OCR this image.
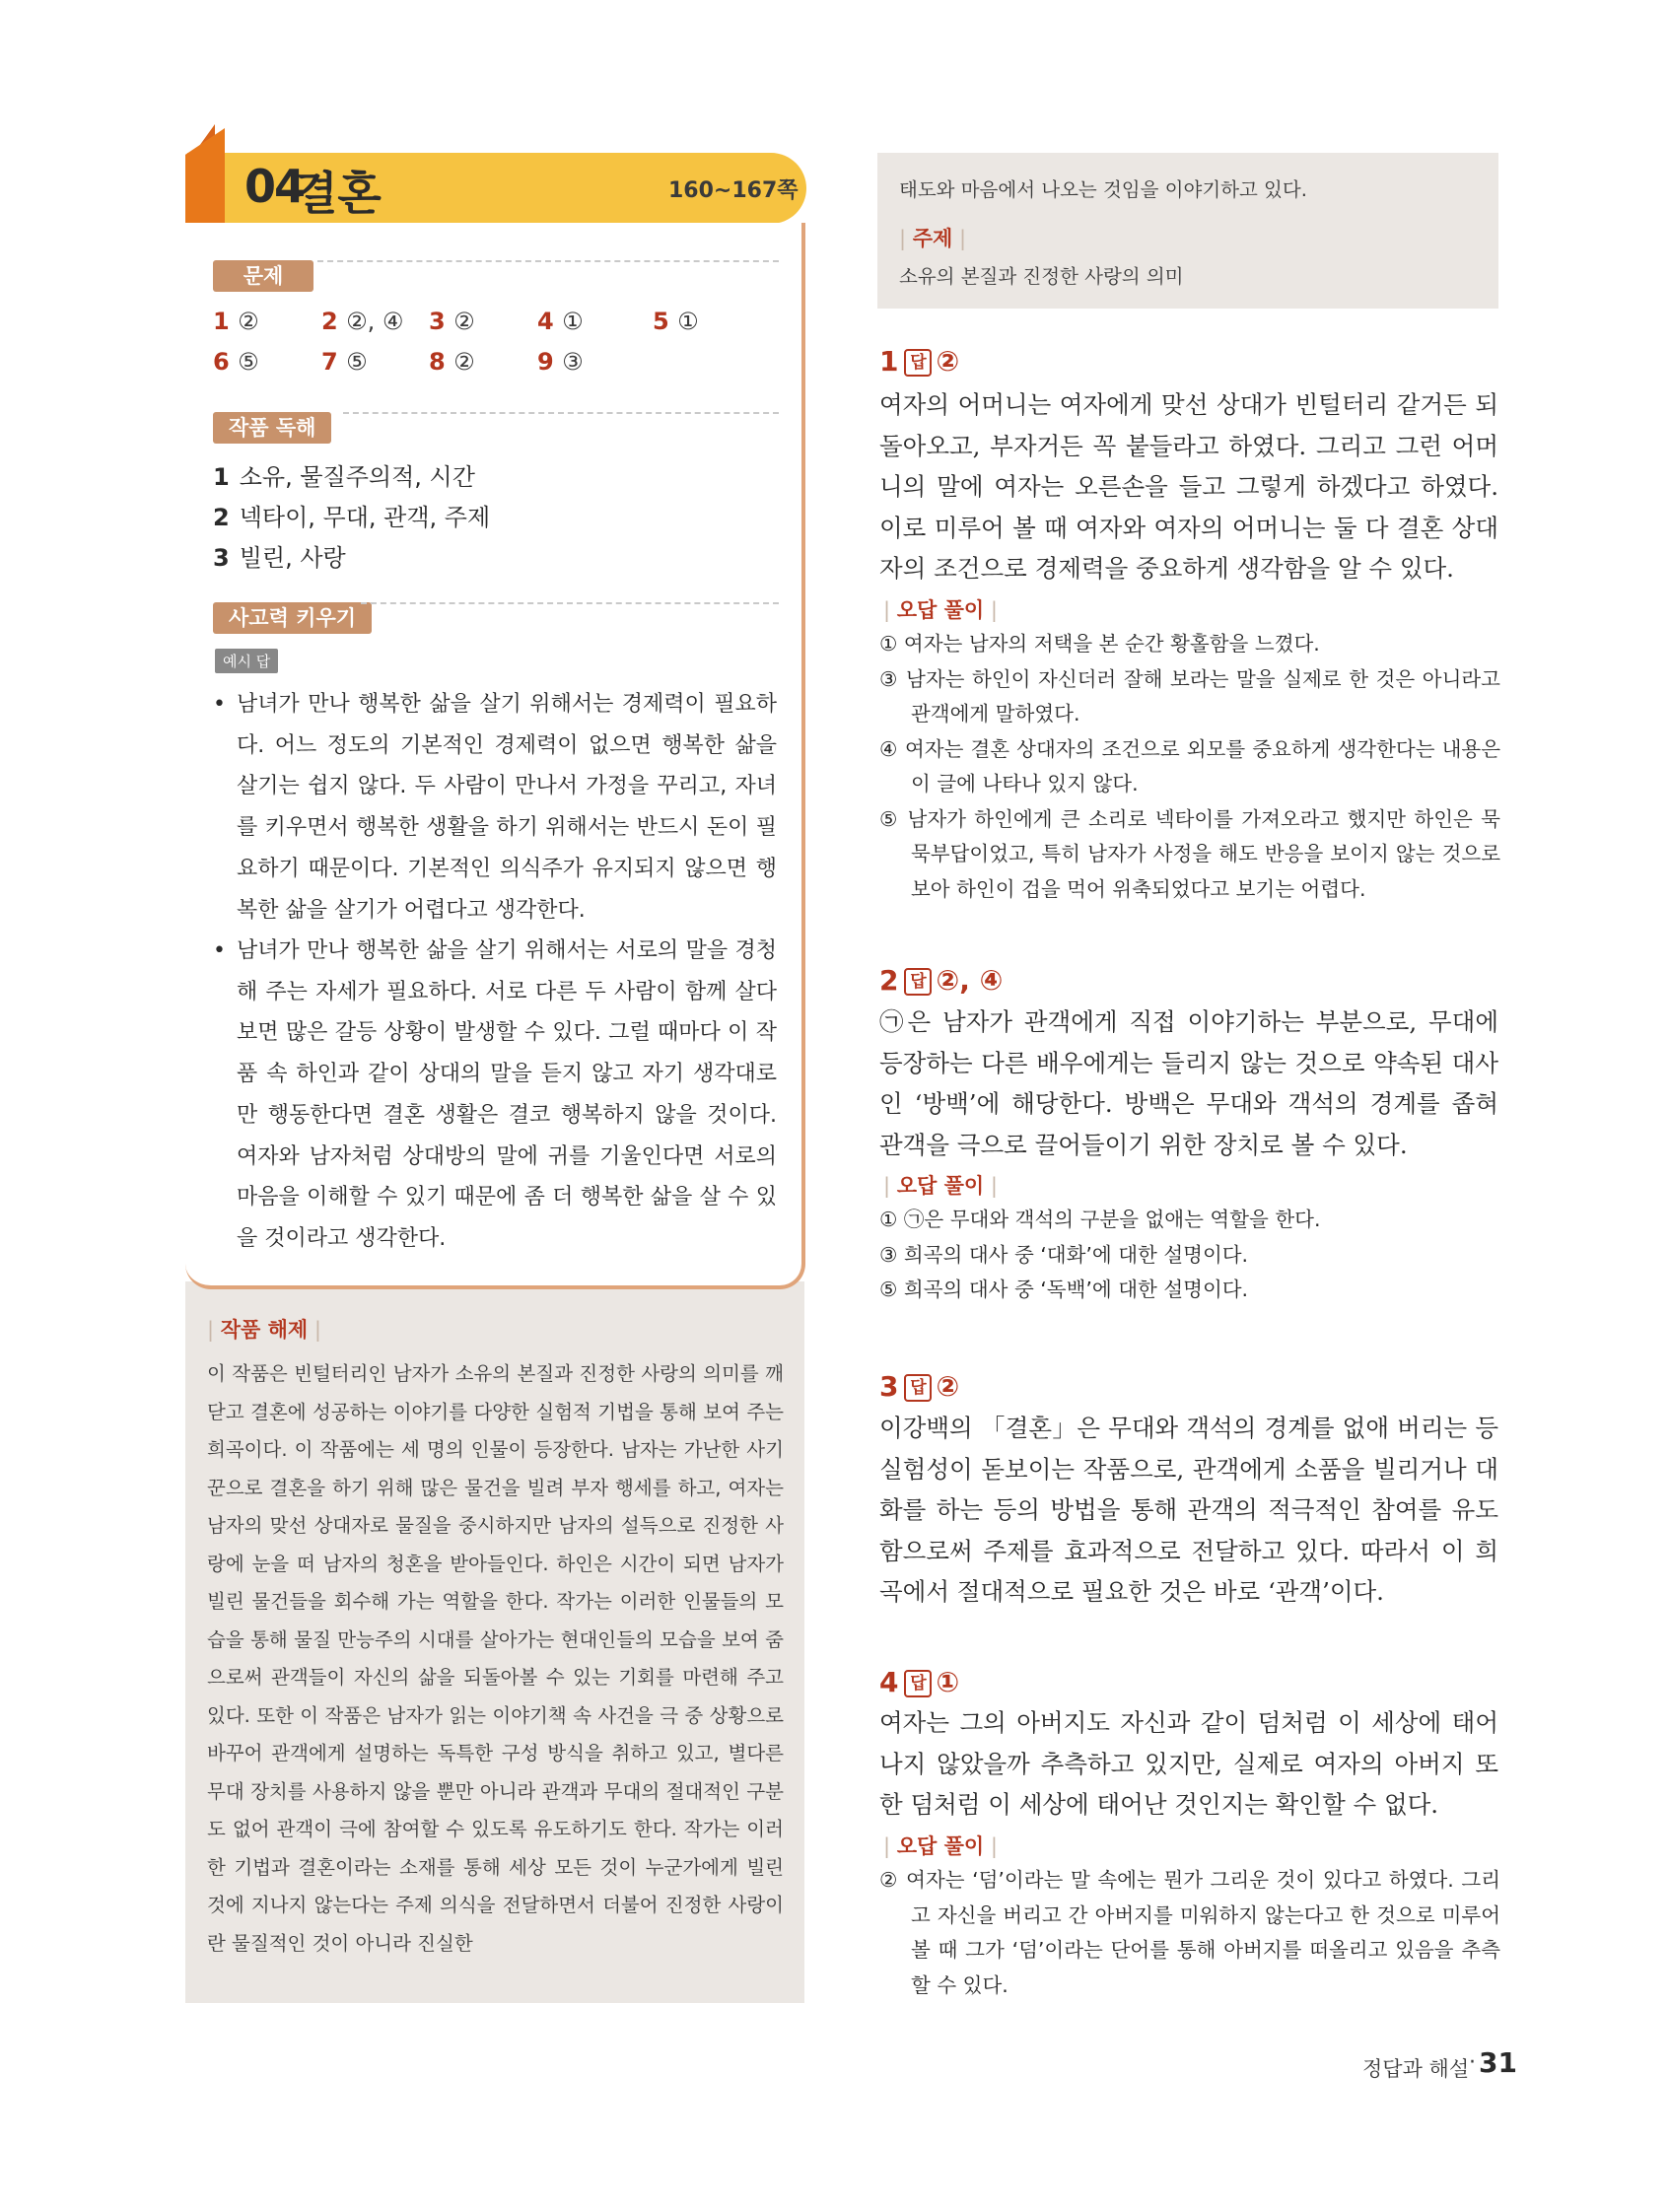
04
결혼	160~167쪽
문제
1 ②	2 ②, ④ 3 ②	4 ①	5 ①
6 ⑤	7 ⑤	8 ②	9 ③
작품 독해
1 소유, 물질주의적, 시간
2 넥타이, 무대, 관객, 주제
3 빌린, 사랑
사고력 키우기
예시 답
• 남녀가 만나 행복한 삶을 살기 위해서는 경제력이 필요하다. 어느 정도의 기본적인 경제력이 없으면 행복한 삶을 살기는 쉽지 않다. 두 사람이 만나서 가정을 꾸리고, 자녀를 키우면서 행복한 생활을 하기 위해서는 반드시 돈이 필요하기 때문이다. 기본적인 의식주가 유지되지 않으면 행복한 삶을 살기가 어렵다고 생각한다.
• 남녀가 만나 행복한 삶을 살기 위해서는 서로의 말을 경청해 주는 자세가 필요하다. 서로 다른 두 사람이 함께 살다 보면 많은 갈등 상황이 발생할 수 있다. 그럴 때마다 이 작품 속 하인과 같이 상대의 말을 듣지 않고 자기 생각대로만 행동한다면 결혼 생활은 결코 행복하지 않을 것이다. 여자와 남자처럼 상대방의 말에 귀를 기울인다면 서로의 마음을 이해할 수 있기 때문에 좀 더 행복한 삶을 살 수 있을 것이라고 생각한다.
| 작품 해제 |
이 작품은 빈털터리인 남자가 소유의 본질과 진정한 사랑의 의미를 깨닫고 결혼에 성공하는 이야기를 다양한 실험적 기법을 통해 보여 주는 희곡이다. 이 작품에는 세 명의 인물이 등장한다. 남자는 가난한 사기꾼으로 결혼을 하기 위해 많은 물건을 빌려 부자 행세를 하고, 여자는 남자의 맞선 상대자로 물질을 중시하지만 남자의 설득으로 진정한 사랑에 눈을 떠 남자의 청혼을 받아들인다. 하인은 시간이 되면 남자가 빌린 물건들을 회수해 가는 역할을 한다. 작가는 이러한 인물들의 모습을 통해 물질 만능주의 시대를 살아가는 현대인들의 모습을 보여 줌으로써 관객들이 자신의 삶을 되돌아볼 수 있는 기회를 마련해 주고 있다. 또한 이 작품은 남자가 읽는 이야기책 속 사건을 극 중 상황으로 바꾸어 관객에게 설명하는 독특한 구성 방식을 취하고 있고, 별다른 무대 장치를 사용하지 않을 뿐만 아니라 관객과 무대의 절대적인 구분도 없어 관객이 극에 참여할 수 있도록 유도하기도 한다. 작가는 이러한 기법과 결혼이라는 소재를 통해 세상 모든 것이 누군가에게 빌린 것에 지나지 않는다는 주제 의식을 전달하면서 더불어 진정한 사랑이란 물질적인 것이 아니라 진실한
태도와 마음에서 나오는 것임을 이야기하고 있다.
| 주제 |
소유의 본질과 진정한 사랑의 의미
1 답 ②
여자의 어머니는 여자에게 맞선 상대가 빈털터리 같거든 되돌아오고, 부자거든 꼭 붙들라고 하였다. 그리고 그런 어머니의 말에 여자는 오른손을 들고 그렇게 하겠다고 하였다. 이로 미루어 볼 때 여자와 여자의 어머니는 둘 다 결혼 상대자의 조건으로 경제력을 중요하게 생각함을 알 수 있다.
| 오답 풀이 |
① 여자는 남자의 저택을 본 순간 황홀함을 느꼈다.
③ 남자는 하인이 자신더러 잘해 보라는 말을 실제로 한 것은 아니라고 관객에게 말하였다.
④ 여자는 결혼 상대자의 조건으로 외모를 중요하게 생각한다는 내용은 이 글에 나타나 있지 않다.
⑤ 남자가 하인에게 큰 소리로 넥타이를 가져오라고 했지만 하인은 묵묵부답이었고, 특히 남자가 사정을 해도 반응을 보이지 않는 것으로 보아 하인이 겁을 먹어 위축되었다고 보기는 어렵다.
2 답 ②, ④
㉠은 남자가 관객에게 직접 이야기하는 부분으로, 무대에 등장하는 다른 배우에게는 들리지 않는 것으로 약속된 대사인 ‘방백’에 해당한다. 방백은 무대와 객석의 경계를 좁혀 관객을 극으로 끌어들이기 위한 장치로 볼 수 있다.
| 오답 풀이 |
① ㉠은 무대와 객석의 구분을 없애는 역할을 한다.
③ 희곡의 대사 중 ‘대화’에 대한 설명이다.
⑤ 희곡의 대사 중 ‘독백’에 대한 설명이다.
3 답 ②
이강백의 「결혼」은 무대와 객석의 경계를 없애 버리는 등 실험성이 돋보이는 작품으로, 관객에게 소품을 빌리거나 대화를 하는 등의 방법을 통해 관객의 적극적인 참여를 유도함으로써 주제를 효과적으로 전달하고 있다. 따라서 이 희곡에서 절대적으로 필요한 것은 바로 ‘관객’이다.
4 답 ①
여자는 그의 아버지도 자신과 같이 덤처럼 이 세상에 태어나지 않았을까 추측하고 있지만, 실제로 여자의 아버지 또한 덤처럼 이 세상에 태어난 것인지는 확인할 수 없다.
| 오답 풀이 |
② 여자는 ‘덤’이라는 말 속에는 뭔가 그리운 것이 있다고 하였다. 그리고 자신을 버리고 간 아버지를 미워하지 않는다고 한 것으로 미루어 볼 때 그가 ‘덤’이라는 단어를 통해 아버지를 떠올리고 있음을 추측할 수 있다.
정답과 해설 · 31
